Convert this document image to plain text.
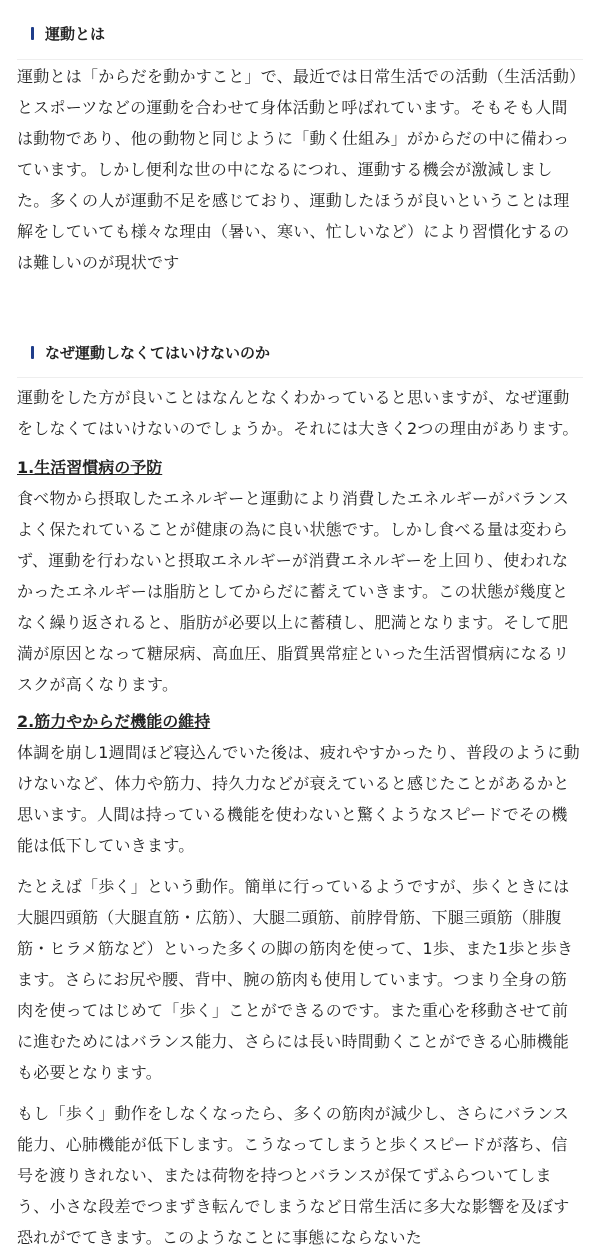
運動とは

運動とは「からだを動かすこと」で、最近では日常生活での活動（生活活動）とスポーツなどの運動を合わせて身体活動と呼ばれています。そもそも人間は動物であり、他の動物と同じように「動く仕組み」がからだの中に備わっています。しかし便利な世の中になるにつれ、運動する機会が激減しました。多くの人が運動不足を感じており、運動したほうが良いということは理解をしていても様々な理由（暑い、寒い、忙しいなど）により習慣化するのは難しいのが現状です

なぜ運動しなくてはいけないのか

運動をした方が良いことはなんとなくわかっていると思いますが、なぜ運動をしなくてはいけないのでしょうか。それには大きく2つの理由があります。

1.生活習慣病の予防

食べ物から摂取したエネルギーと運動により消費したエネルギーがバランスよく保たれていることが健康の為に良い状態です。しかし食べる量は変わらず、運動を行わないと摂取エネルギーが消費エネルギーを上回り、使われなかったエネルギーは脂肪としてからだに蓄えていきます。この状態が幾度となく繰り返されると、脂肪が必要以上に蓄積し、肥満となります。そして肥満が原因となって糖尿病、高血圧、脂質異常症といった生活習慣病になるリスクが高くなります。

2.筋力やからだ機能の維持

体調を崩し1週間ほど寝込んでいた後は、疲れやすかったり、普段のように動けないなど、体力や筋力、持久力などが衰えていると感じたことがあるかと思います。人間は持っている機能を使わないと驚くようなスピードでその機能は低下していきます。

たとえば「歩く」という動作。簡単に行っているようですが、歩くときには大腿四頭筋（大腿直筋・広筋）、大腿二頭筋、前脖骨筋、下腿三頭筋（腓腹筋・ヒラメ筋など）といった多くの脚の筋肉を使って、1歩、また1歩と歩きます。さらにお尻や腰、背中、腕の筋肉も使用しています。つまり全身の筋肉を使ってはじめて「歩く」ことができるのです。また重心を移動させて前に進むためにはバランス能力、さらには長い時間動くことができる心肺機能も必要となります。

もし「歩く」動作をしなくなったら、多くの筋肉が減少し、さらにバランス能力、心肺機能が低下します。こうなってしまうと歩くスピードが落ち、信号を渡りきれない、または荷物を持つとバランスが保てずふらついてしまう、小さな段差でつまずき転んでしまうなど日常生活に多大な影響を及ぼす恐れがでてきます。このようなことに事態にならないた
